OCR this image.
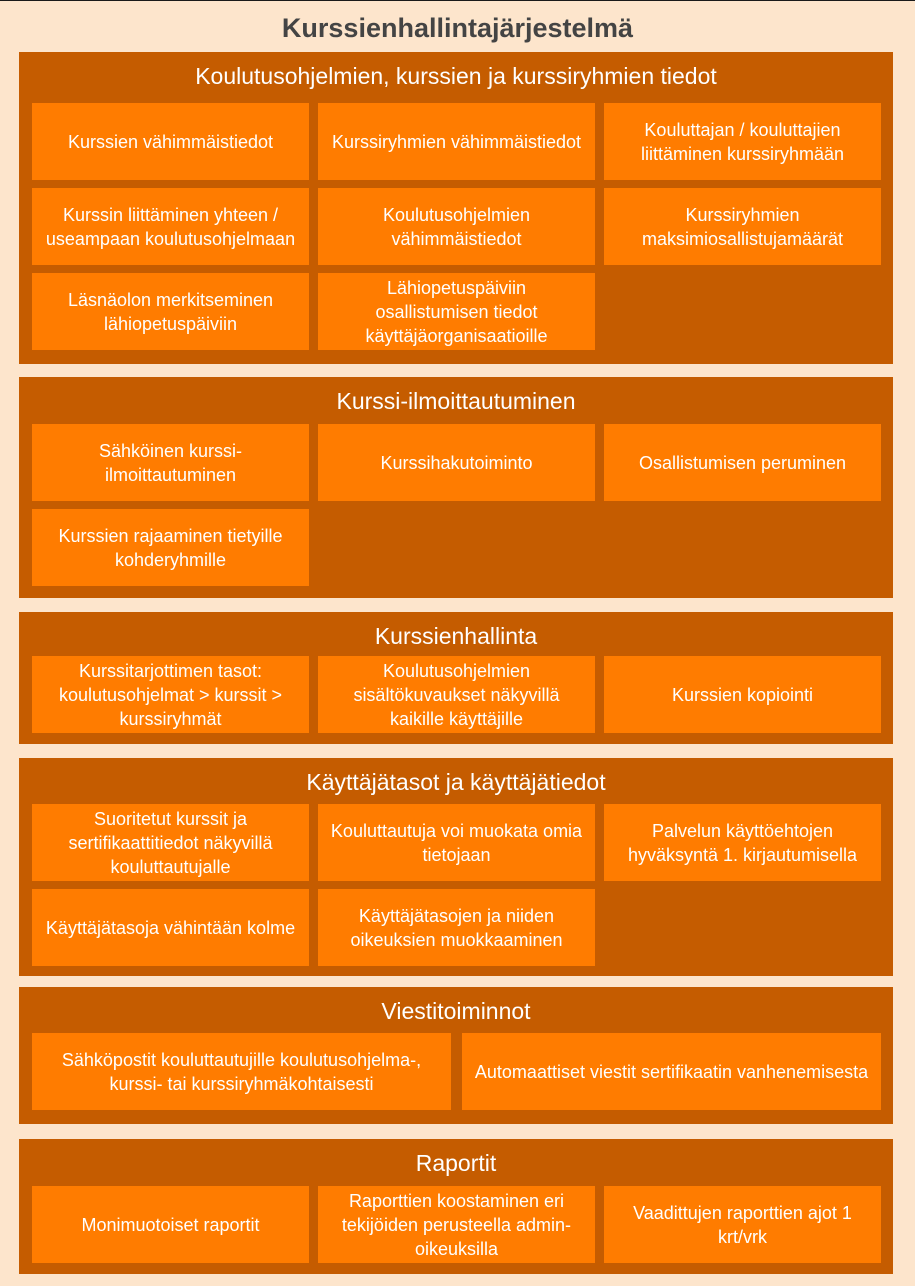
Kurssienhallintajärjestelmä
Koulutusohjelmien, kurssien ja kurssiryhmien tiedot
Kurssien vähimmäistiedot	Kurssiryhmien vähimmäistiedot
Kouluttajan / kouluttajien liittäminen kurssiryhmään
Kurssin liittäminen yhteen / useampaan koulutusohjelmaan
Koulutusohjelmien vähimmäistiedot
Kurssiryhmien maksimiosallistujamäärät
Läsnäolon merkitseminen lähiopetuspäiviin
Lähiopetuspäiviin osallistumisen tiedot käyttäjäorganisaatioille
Kurssi-ilmoittautuminen
Sähköinen kurssi-ilmoittautuminen
Kurssihakutoiminto	Osallistumisen peruminen
Kurssien rajaaminen tietyille kohderyhmille
Kurssienhallinta
Kurssitarjottimen tasot: koulutusohjelmat > kurssit > kurssiryhmät
Koulutusohjelmien sisältökuvaukset näkyvillä kaikille käyttäjille
Kurssien kopiointi
Käyttäjätasot ja käyttäjätiedot
Suoritetut kurssit ja sertifikaattitiedot näkyvillä kouluttautujalle
Kouluttautuja voi muokata omia tietojaan
Palvelun käyttöehtojen hyväksyntä 1. kirjautumisella
Käyttäjätasoja vähintään kolme
Käyttäjätasojen ja niiden oikeuksien muokkaaminen
Viestitoiminnot
Sähköpostit kouluttautujille koulutusohjelma-, kurssi- tai kurssiryhmäkohtaisesti
Automaattiset viestit sertifikaatin vanhenemisesta
Raportit
Monimuotoiset raportit
Raporttien koostaminen eri tekijöiden perusteella admin-oikeuksilla
Vaadittujen raporttien ajot 1 krt/vrk
